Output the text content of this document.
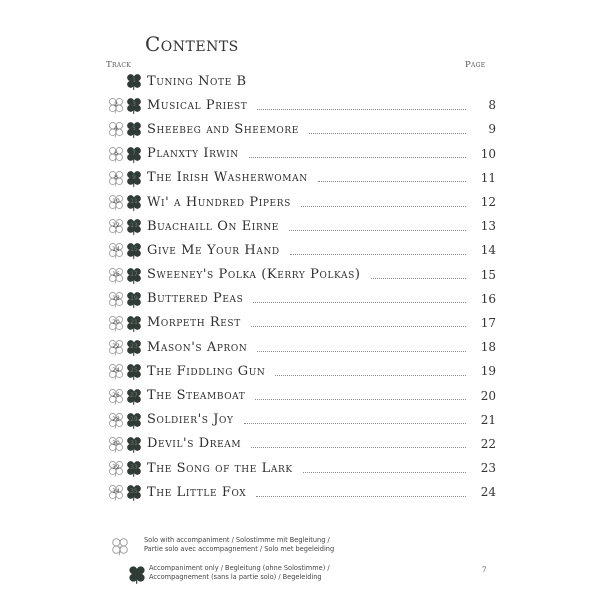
Contents
Track	Page
1 Tuning Note B
2	3 Musical Priest	8
4	5 Sheebeg and Sheemore	9
6	7 Planxty Irwin	10
8	9 The Irish Washerwoman	11
10	11 Wi' a Hundred Pipers	12
12	13 Buachaill On Eirne	13
14	15 Give Me Your Hand	14
16	17 Sweeney's Polka (Kerry Polkas)	15
18	19 Buttered Peas	16
20	21 Morpeth Rest	17
22	23 Mason's Apron	18
24	25 The Fiddling Gun	19
26	27 The Steamboat	20
28	29 Soldier's Joy	21
30	31 Devil's Dream	22
32	33 The Song of the Lark	23
34	35 The Little Fox	24
Solo with accompaniment / Solostimme mit Begleitung /
Partie solo avec accompagnement / Solo met begeleiding
Accompaniment only / Begleitung (ohne Solostimme) /
Accompagnement (sans la partie solo) / Begeleiding
7
